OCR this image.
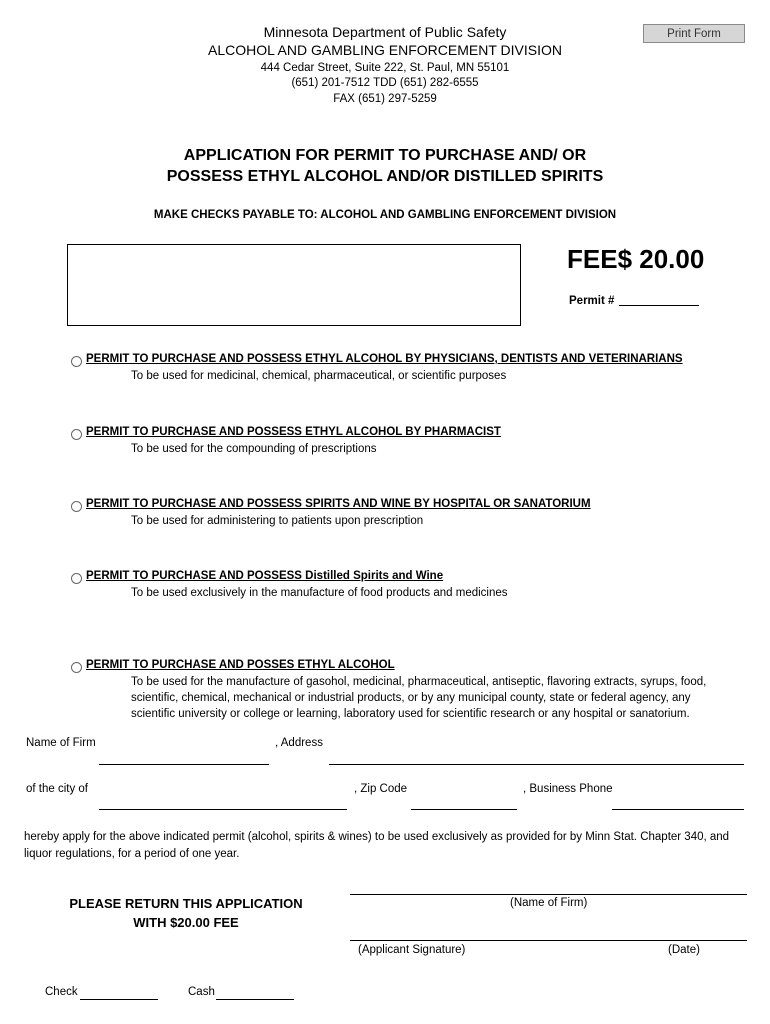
Minnesota Department of Public Safety
ALCOHOL AND GAMBLING ENFORCEMENT DIVISION
444 Cedar Street, Suite 222, St. Paul, MN 55101
(651) 201-7512 TDD (651) 282-6555
FAX (651) 297-5259
Print Form
APPLICATION FOR PERMIT TO PURCHASE AND/ OR
POSSESS ETHYL ALCOHOL AND/OR DISTILLED SPIRITS
MAKE CHECKS PAYABLE TO: ALCOHOL AND GAMBLING ENFORCEMENT DIVISION
FEE$ 20.00
Permit #
PERMIT TO PURCHASE AND POSSESS ETHYL ALCOHOL BY PHYSICIANS, DENTISTS AND VETERINARIANS
To be used for medicinal, chemical, pharmaceutical, or scientific purposes
PERMIT TO PURCHASE AND POSSESS ETHYL ALCOHOL BY PHARMACIST
To be used for the compounding of prescriptions
PERMIT TO PURCHASE AND POSSESS SPIRITS AND WINE BY HOSPITAL OR SANATORIUM
To be used for administering to patients upon prescription
PERMIT TO PURCHASE AND POSSESS Distilled Spirits and Wine
To be used exclusively in the manufacture of food products and medicines
PERMIT TO PURCHASE AND POSSES ETHYL ALCOHOL
To be used for the manufacture of gasohol, medicinal, pharmaceutical, antiseptic, flavoring extracts, syrups, food,
scientific, chemical, mechanical or industrial products, or by any municipal county, state or federal agency, any
scientific university or college or learning, laboratory used for scientific research or any hospital or sanatorium.
Name of Firm	, Address
of the city of	, Zip Code	, Business Phone
hereby apply for the above indicated permit (alcohol, spirits & wines) to be used exclusively as provided for by Minn Stat. Chapter 340, and liquor regulations, for a period of one year.
PLEASE RETURN THIS APPLICATION
WITH $20.00 FEE
(Name of Firm)
(Applicant Signature)	(Date)
Check	Cash
